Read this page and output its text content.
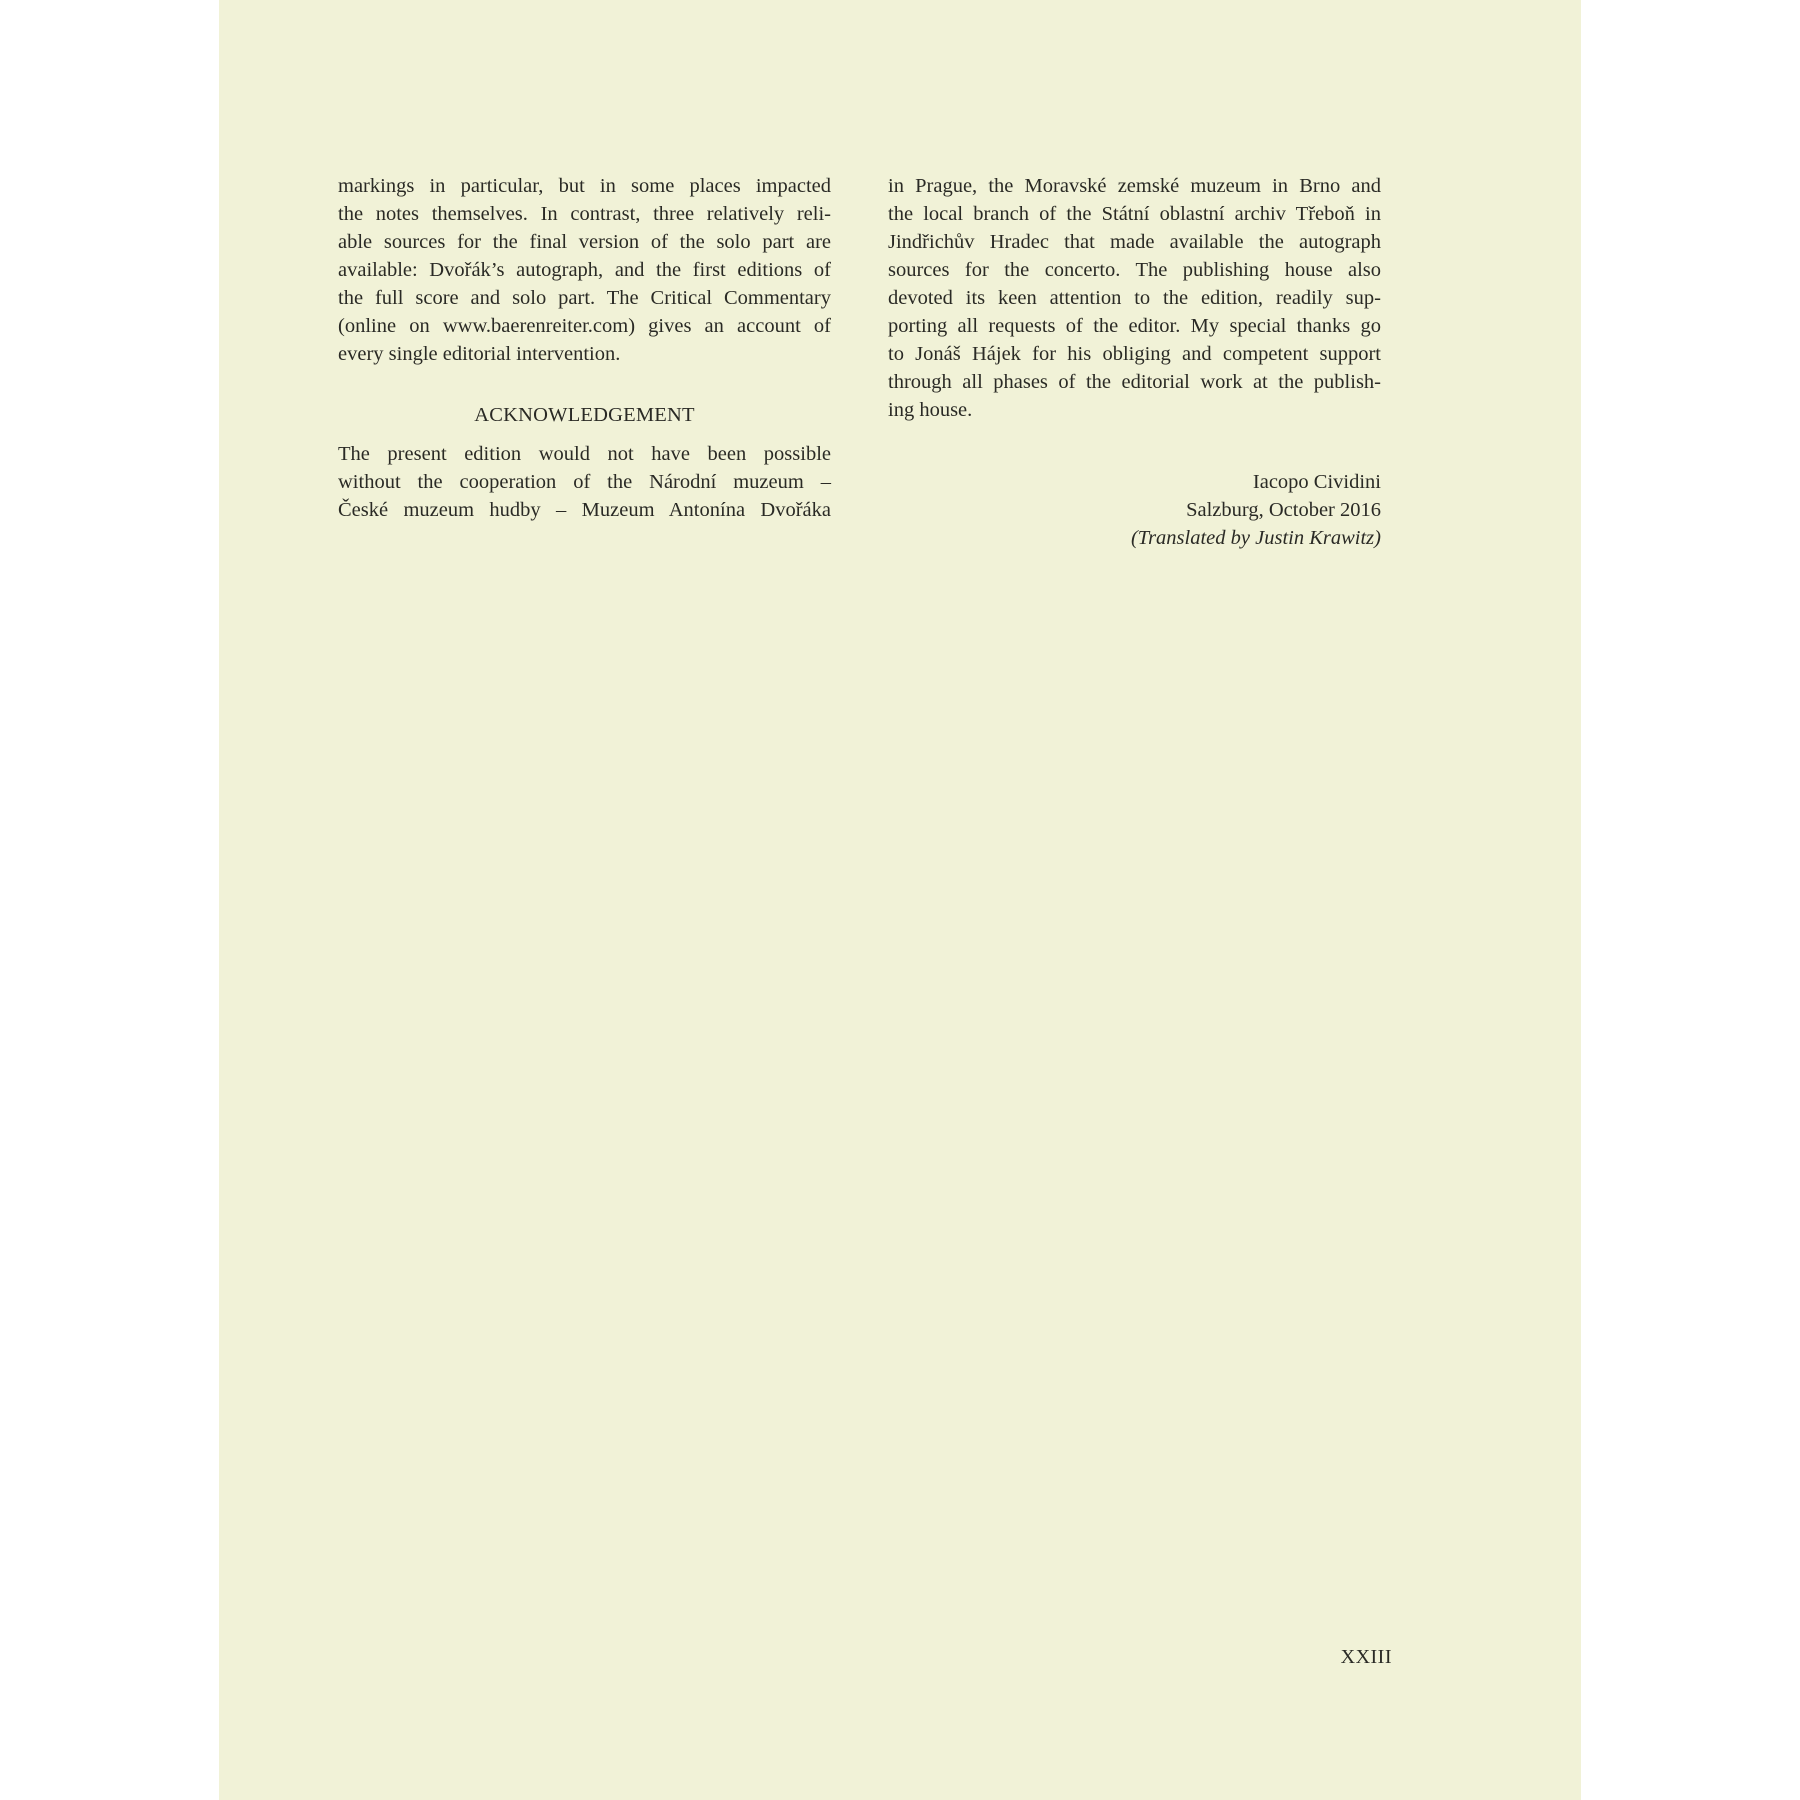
markings in particular, but in some places impacted
the notes themselves. In contrast, three relatively reli-
able sources for the final version of the solo part are
available: Dvořák’s autograph, and the first editions of
the full score and solo part. The Critical Commentary
(online on www.baerenreiter.com) gives an account of
every single editorial intervention.
ACKNOWLEDGEMENT
The present edition would not have been possible
without the cooperation of the Národní muzeum –
České muzeum hudby – Muzeum Antonína Dvořáka
in Prague, the Moravské zemské muzeum in Brno and
the local branch of the Státní oblastní archiv Třeboň in
Jindřichův Hradec that made available the autograph
sources for the concerto. The publishing house also
devoted its keen attention to the edition, readily sup-
porting all requests of the editor. My special thanks go
to Jonáš Hájek for his obliging and competent support
through all phases of the editorial work at the publish-
ing house.
Iacopo Cividini
Salzburg, October 2016
(Translated by Justin Krawitz)
XXIII
